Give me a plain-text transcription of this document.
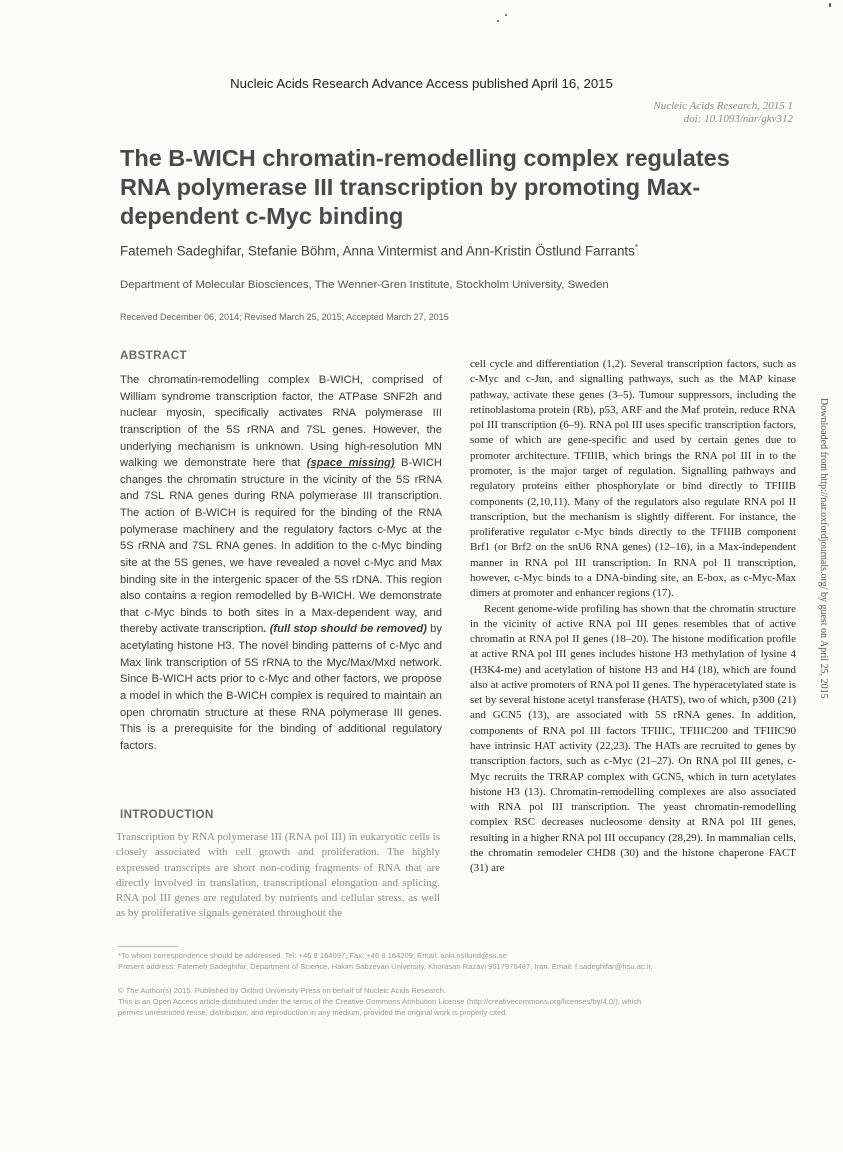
Nucleic Acids Research Advance Access published April 16, 2015
Nucleic Acids Research, 2015 1
doi: 10.1093/nar/gkv312
The B-WICH chromatin-remodelling complex regulates RNA polymerase III transcription by promoting Max-dependent c-Myc binding
Fatemeh Sadeghifar, Stefanie Böhm, Anna Vintermist and Ann-Kristin Östlund Farrants*
Department of Molecular Biosciences, The Wenner-Gren Institute, Stockholm University, Sweden
Received December 06, 2014; Revised March 25, 2015; Accepted March 27, 2015
ABSTRACT

The chromatin-remodelling complex B-WICH, comprised of William syndrome transcription factor, the ATPase SNF2h and nuclear myosin, specifically activates RNA polymerase III transcription of the 5S rRNA and 7SL genes. However, the underlying mechanism is unknown. Using high-resolution MN walking we demonstrate here that (space missing) B-WICH changes the chromatin structure in the vicinity of the 5S rRNA and 7SL RNA genes during RNA polymerase III transcription. The action of B-WICH is required for the binding of the RNA polymerase machinery and the regulatory factors c-Myc at the 5S rRNA and 7SL RNA genes. In addition to the c-Myc binding site at the 5S genes, we have revealed a novel c-Myc and Max binding site in the intergenic spacer of the 5S rDNA. This region also contains a region remodelled by B-WICH. We demonstrate that c-Myc binds to both sites in a Max-dependent way, and thereby activate transcription. (full stop should be removed) by acetylating histone H3. The novel binding patterns of c-Myc and Max link transcription of 5S rRNA to the Myc/Max/Mxd network. Since B-WICH acts prior to c-Myc and other factors, we propose a model in which the B-WICH complex is required to maintain an open chromatin structure at these RNA polymerase III genes. This is a prerequisite for the binding of additional regulatory factors.

INTRODUCTION

Transcription by RNA polymerase III (RNA pol III) in eukaryotic cells is closely associated with cell growth and proliferation. The highly expressed transcripts are short non-coding fragments of RNA that are directly involved in translation, transcriptional elongation and splicing. RNA pol III genes are regulated by nutrients and cellular stress, as well as by proliferative signals generated throughout the

cell cycle and differentiation (1,2). Several transcription factors, such as c-Myc and c-Jun, and signalling pathways, such as the MAP kinase pathway, activate these genes (3–5). Tumour suppressors, including the retinoblastoma protein (Rb), p53, ARF and the Maf protein, reduce RNA pol III transcription (6–9). RNA pol III uses specific transcription factors, some of which are gene-specific and used by certain genes due to promoter architecture. TFIIIB, which brings the RNA pol III in to the promoter, is the major target of regulation. Signalling pathways and regulatory proteins either phosphorylate or bind directly to TFIIIB components (2,10,11). Many of the regulators also regulate RNA pol II transcription, but the mechanism is slightly different. For instance, the proliferative regulator c-Myc binds directly to the TFIIIB component Brf1 (or Brf2 on the snU6 RNA genes) (12–16), in a Max-independent manner in RNA pol III transcription. In RNA pol II transcription, however, c-Myc binds to a DNA-binding site, an E-box, as c-Myc-Max dimers at promoter and enhancer regions (17).

Recent genome-wide profiling has shown that the chromatin structure in the vicinity of active RNA pol III genes resembles that of active chromatin at RNA pol II genes (18–20). The histone modification profile at active RNA pol III genes includes histone H3 methylation of lysine 4 (H3K4-me) and acetylation of histone H3 and H4 (18), which are found also at active promoters of RNA pol II genes. The hyperacetylated state is set by several histone acetyl transferase (HATS), two of which, p300 (21) and GCN5 (13), are associated with 5S rRNA genes. In addition, components of RNA pol III factors TFIIIC, TFIIIC200 and TFIIIC90 have intrinsic HAT activity (22,23). The HATs are recruited to genes by transcription factors, such as c-Myc (21–27). On RNA pol III genes, c-Myc recruits the TRRAP complex with GCN5, which in turn acetylates histone H3 (13). Chromatin-remodelling complexes are also associated with RNA pol III transcription. The yeast chromatin-remodelling complex RSC decreases nucleosome density at RNA pol III genes, resulting in a higher RNA pol III occupancy (28,29). In mammalian cells, the chromatin remodeler CHD8 (30) and the histone chaperone FACT (31) are

*To whom correspondence should be addressed. Tel: +46 8 164097; Fax: +46 8 164209; Email: anki.ostlund@su.se
Present address: Fatemeh Sadeghifar, Department of Science, Hakim Sabzevari University, Khorasan Razavi 9617976487, Iran. Email: f.sadeghifar@hsu.ac.ir.
© The Author(s) 2015. Published by Oxford University Press on behalf of Nucleic Acids Research.
This is an Open Access article distributed under the terms of the Creative Commons Attribution License (http://creativecommons.org/licenses/by/4.0/), which
permits unrestricted reuse, distribution, and reproduction in any medium, provided the original work is properly cited.
Downloaded from http://nar.oxfordjournals.org/ by guest on April 25, 2015
